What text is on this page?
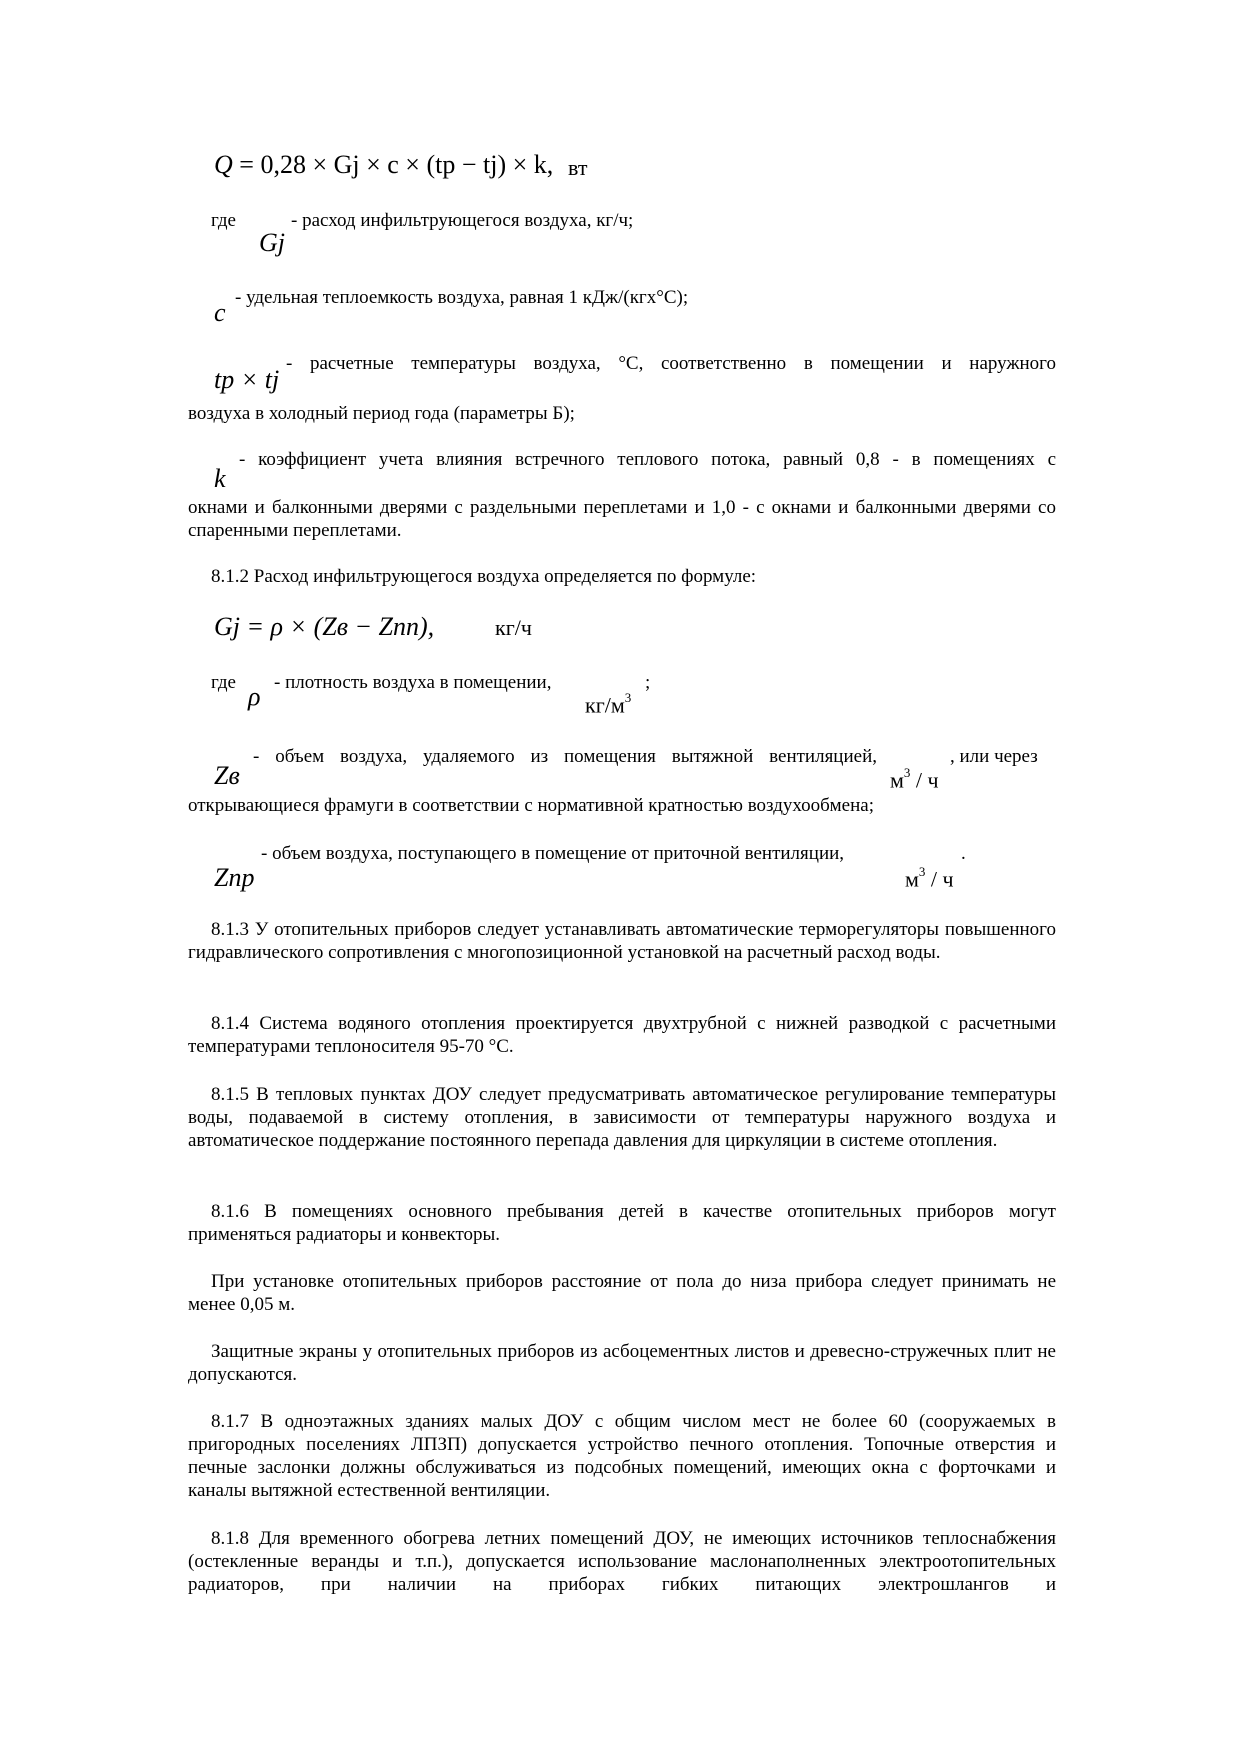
Q = 0,28 × Gj × c × (tp − tj) × k, вт
где
Gj
- расход инфильтрующегося воздуха, кг/ч;
c
- удельная теплоемкость воздуха, равная 1 кДж/(кгх°С);
tp × tj
- расчетные температуры воздуха, °С, соответственно в помещении и наружного
воздуха в холодный период года (параметры Б);
k
- коэффициент учета влияния встречного теплового потока, равный 0,8 - в помещениях с
окнами и балконными дверями с раздельными переплетами и 1,0 - с окнами и балконными дверями со спаренными переплетами.
8.1.2 Расход инфильтрующегося воздуха определяется по формуле:
Gj = ρ × (Zв − Zпп),	кг/ч
где ρ - плотность воздуха в помещении,	;
$кг/м^3$
Zв
- объем воздуха, удаляемого из помещения вытяжной вентиляцией,	, или через
$м^3$ / ч
открывающиеся фрамуги в соответствии с нормативной кратностью воздухообмена;
Zпр
- объем воздуха, поступающего в помещение от приточной вентиляции,	.
$м^3$ / ч
8.1.3 У отопительных приборов следует устанавливать автоматические терморегуляторы повышенного гидравлического сопротивления с многопозиционной установкой на расчетный расход воды.
8.1.4 Система водяного отопления проектируется двухтрубной с нижней разводкой с расчетными температурами теплоносителя 95-70 °С.
8.1.5 В тепловых пунктах ДОУ следует предусматривать автоматическое регулирование температуры воды, подаваемой в систему отопления, в зависимости от температуры наружного воздуха и автоматическое поддержание постоянного перепада давления для циркуляции в системе отопления.
8.1.6 В помещениях основного пребывания детей в качестве отопительных приборов могут применяться радиаторы и конвекторы.
При установке отопительных приборов расстояние от пола до низа прибора следует принимать не менее 0,05 м.
Защитные экраны у отопительных приборов из асбоцементных листов и древесно-стружечных плит не допускаются.
8.1.7 В одноэтажных зданиях малых ДОУ с общим числом мест не более 60 (сооружаемых в пригородных поселениях ЛПЗП) допускается устройство печного отопления. Топочные отверстия и печные заслонки должны обслуживаться из подсобных помещений, имеющих окна с форточками и каналы вытяжной естественной вентиляции.
8.1.8 Для временного обогрева летних помещений ДОУ, не имеющих источников теплоснабжения (остекленные веранды и т.п.), допускается использование маслонаполненных электроотопительных радиаторов, при наличии на приборах гибких питающих электрошлангов и
